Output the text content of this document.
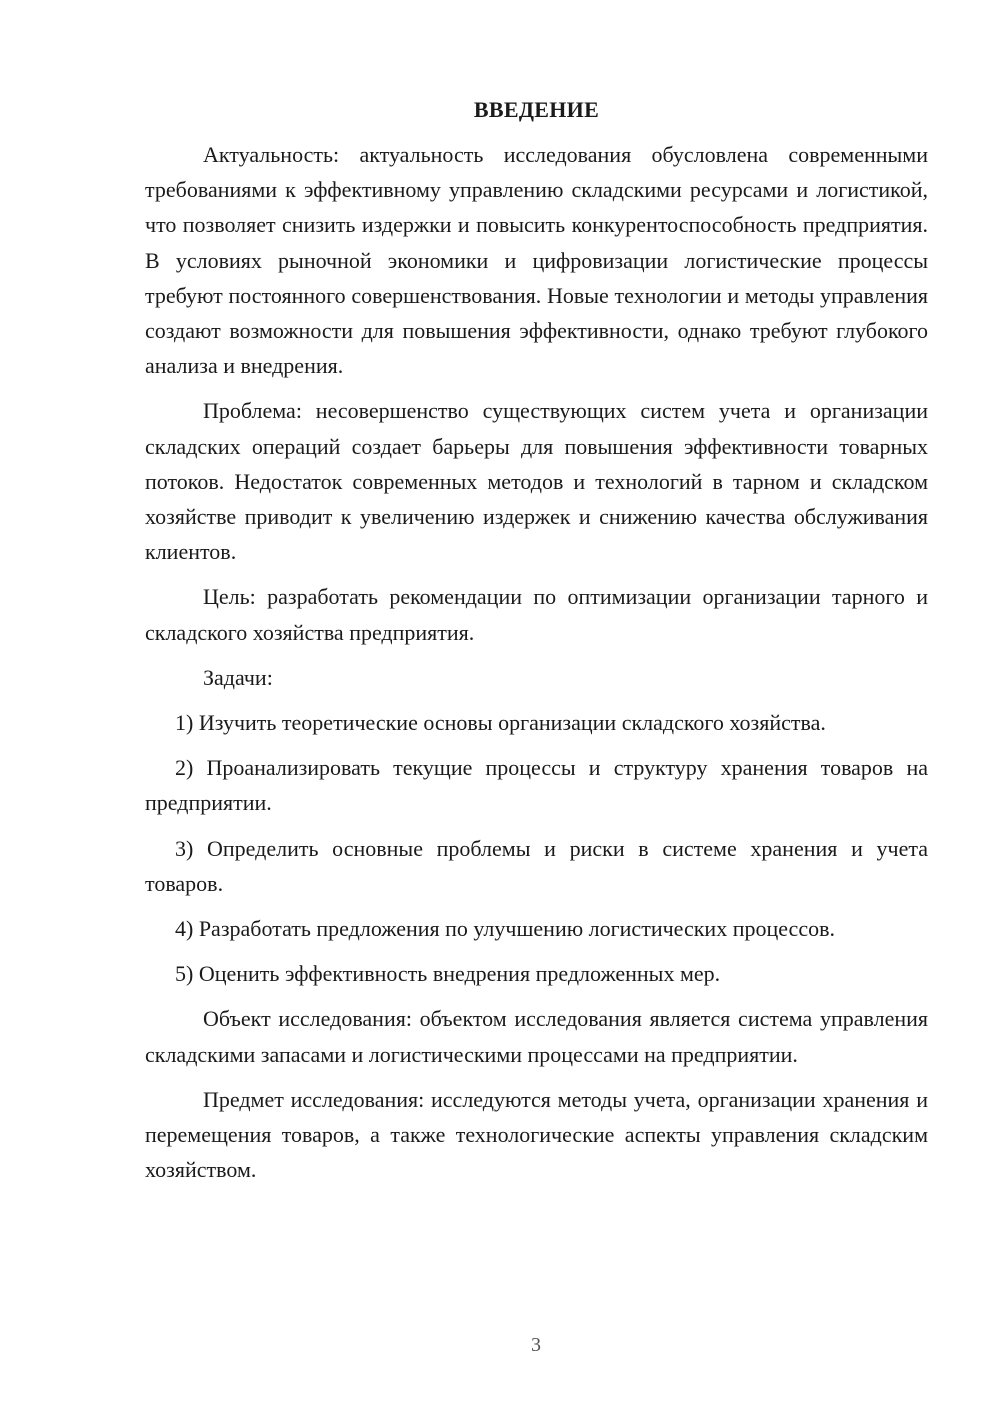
ВВЕДЕНИЕ

Актуальность: актуальность исследования обусловлена современными требованиями к эффективному управлению складскими ресурсами и логистикой, что позволяет снизить издержки и повысить конкурентоспособность предприятия. В условиях рыночной экономики и цифровизации логистические процессы требуют постоянного совершенствования. Новые технологии и методы управления создают возможности для повышения эффективности, однако требуют глубокого анализа и внедрения.

Проблема: несовершенство существующих систем учета и организации складских операций создает барьеры для повышения эффективности товарных потоков. Недостаток современных методов и технологий в тарном и складском хозяйстве приводит к увеличению издержек и снижению качества обслуживания клиентов.

Цель: разработать рекомендации по оптимизации организации тарного и складского хозяйства предприятия.

Задачи:

1) Изучить теоретические основы организации складского хозяйства.

2) Проанализировать текущие процессы и структуру хранения товаров на предприятии.

3) Определить основные проблемы и риски в системе хранения и учета товаров.

4) Разработать предложения по улучшению логистических процессов.

5) Оценить эффективность внедрения предложенных мер.

Объект исследования: объектом исследования является система управления складскими запасами и логистическими процессами на предприятии.

Предмет исследования: исследуются методы учета, организации хранения и перемещения товаров, а также технологические аспекты управления складским хозяйством.

3
